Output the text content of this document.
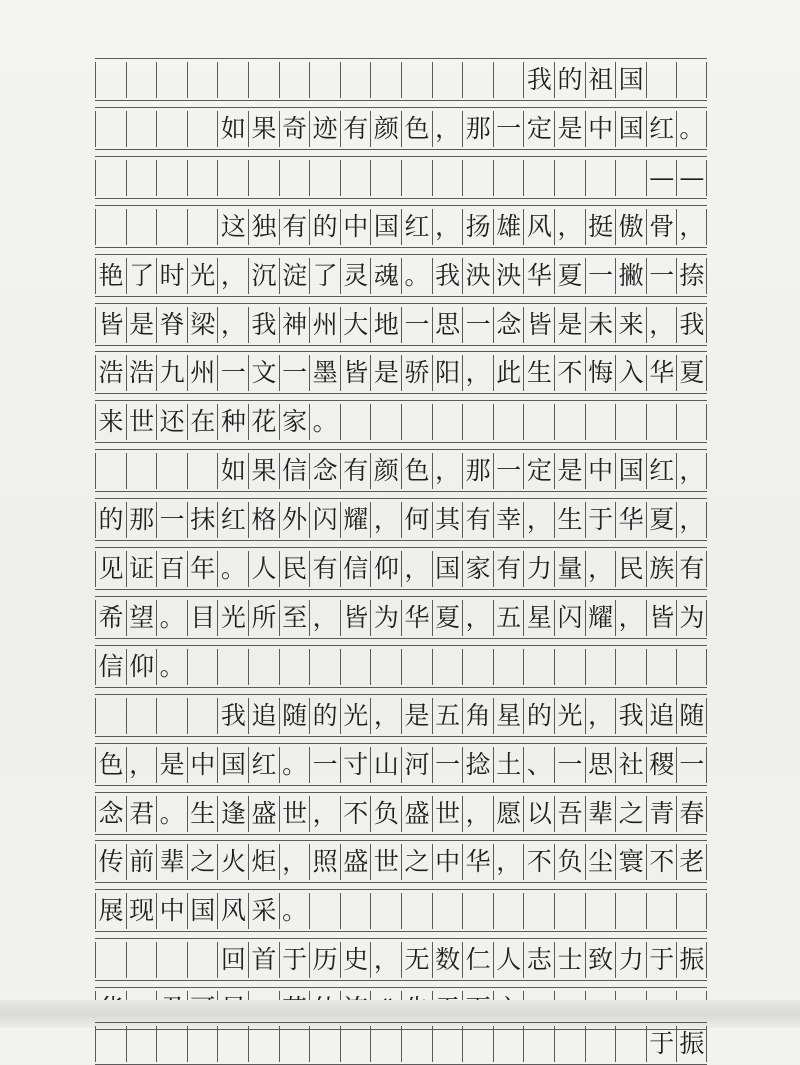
我 的 祖 国
如 果 奇 迹 有 颜 色 ， 那 一 定 是 中 国 红 。
— —
这 独 有 的 中 国 红 ， 扬 雄 风 ， 挺 傲 骨 ，
艳 了 时 光 ， 沉 淀 了 灵 魂 。 我 泱 泱 华 夏 一 撇 一 捺
皆 是 脊 梁 ， 我 神 州 大 地 一 思 一 念 皆 是 未 来 ， 我
浩 浩 九 州 一 文 一 墨 皆 是 骄 阳 ， 此 生 不 悔 入 华 夏
来 世 还 在 种 花 家 。
如 果 信 念 有 颜 色 ， 那 一 定 是 中 国 红 ，
的 那 一 抹 红 格 外 闪 耀 ， 何 其 有 幸 ， 生 于 华 夏 ，
见 证 百 年 。 人 民 有 信 仰 ， 国 家 有 力 量 ， 民 族 有
希 望 。 目 光 所 至 ， 皆 为 华 夏 ， 五 星 闪 耀 ， 皆 为
信 仰 。
我 追 随 的 光 ， 是 五 角 星 的 光 ， 我 追 随
色 ， 是 中 国 红 。 一 寸 山 河 一 捻 土 、 一 思 社 稷 一
念 君 。 生 逢 盛 世 ， 不 负 盛 世 ， 愿 以 吾 辈 之 青 春
传 前 辈 之 火 炬 ， 照 盛 世 之 中 华 ， 不 负 尘 寰 不 老
展 现 中 国 风 采 。
回 首 于 历 史 ， 无 数 仁 人 志 士 致 力 于 振
于 振
